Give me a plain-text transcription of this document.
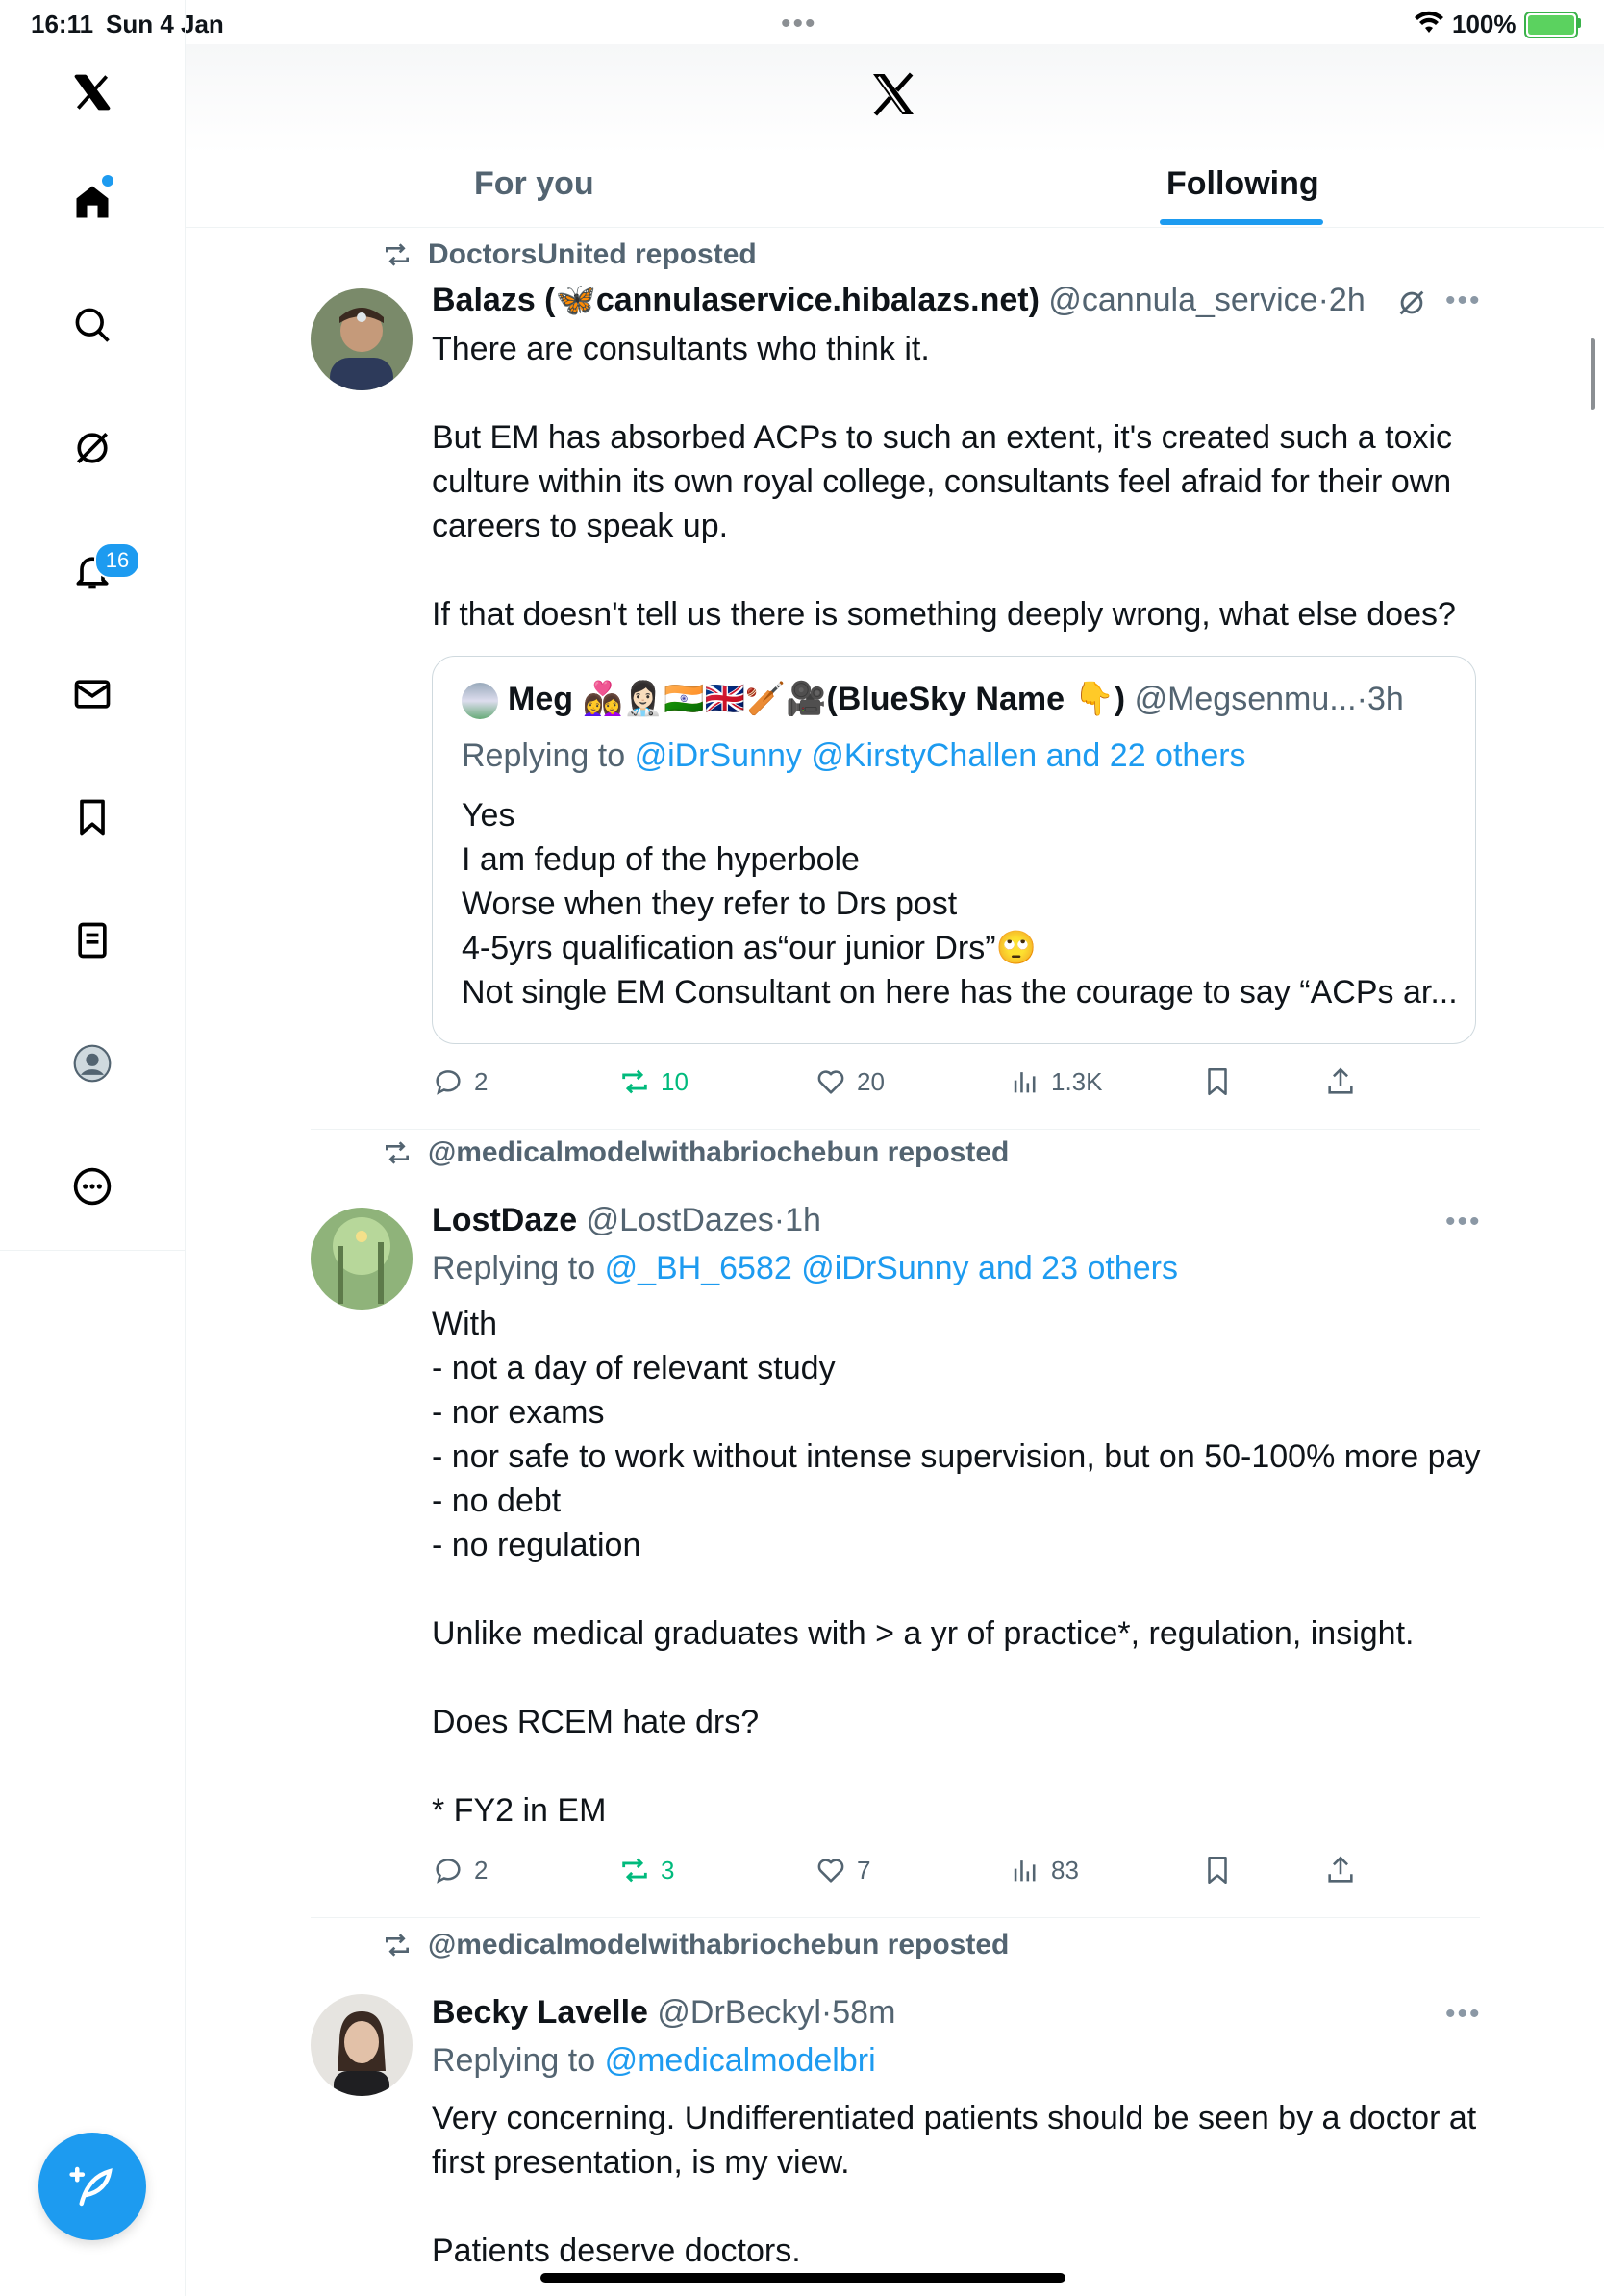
16:11 Sun 4 Jan	•••	100%
16
For you	Following
DoctorsUnited reposted
Balazs (🦋cannulaservice.hibalazs.net) @cannula_service·2h	•••
There are consultants who think it.

But EM has absorbed ACPs to such an extent, it's created such a toxic culture within its own royal college, consultants feel afraid for their own careers to speak up.

If that doesn't tell us there is something deeply wrong, what else does?
Meg 👩‍❤️‍👩👩🏻‍⚕️🇮🇳🇬🇧🏏🎥(BlueSky Name 👇) @Megsenmu...·3h
Replying to @iDrSunny @KirstyChallen and 22 others
Yes
I am fedup of the hyperbole
Worse when they refer to Drs post
4-5yrs qualification as“our junior Drs”🙄
Not single EM Consultant on here has the courage to say “ACPs ar...
2	10	20	1.3K
@medicalmodelwithabriochebun reposted
LostDaze @LostDazes·1h	•••
Replying to @_BH_6582 @iDrSunny and 23 others
With
- not a day of relevant study
- nor exams
- nor safe to work without intense supervision, but on 50-100% more pay - no debt
- no regulation

Unlike medical graduates with > a yr of practice*, regulation, insight.

Does RCEM hate drs?

* FY2 in EM
2	3	7	83
@medicalmodelwithabriochebun reposted
Becky Lavelle @DrBeckyl·58m	•••
Replying to @medicalmodelbri
Very concerning. Undifferentiated patients should be seen by a doctor at first presentation, is my view.

Patients deserve doctors.
